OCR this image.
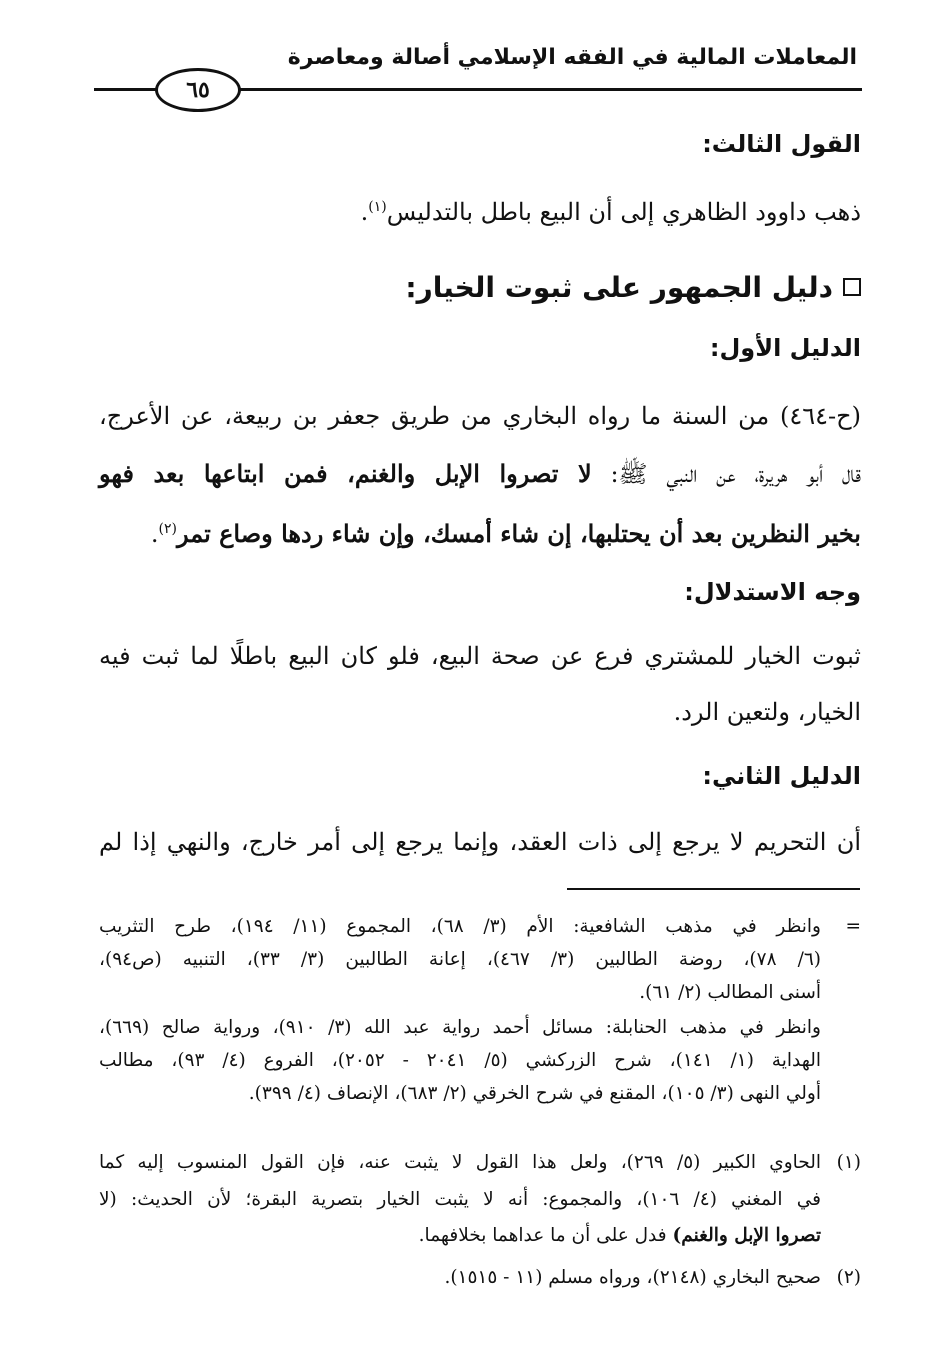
المعاملات المالية في الفقه الإسلامي أصالة ومعاصرة
٦٥
القول الثالث:
ذهب داوود الظاهري إلى أن البيع باطل بالتدليس$^{(١)}$.
دليل الجمهور على ثبوت الخيار:
الدليل الأول:
(ح-٤٦٤) من السنة ما رواه البخاري من طريق جعفر بن ربيعة، عن الأعرج،
قال أبو هريرة، عن النبي ﷺ: لا تصروا الإبل والغنم، فمن ابتاعها بعد فهو
بخير النظرين بعد أن يحتلبها، إن شاء أمسك، وإن شاء ردها وصاع تمر$^{(٢)}$.
وجه الاستدلال:
ثبوت الخيار للمشتري فرع عن صحة البيع، فلو كان البيع باطلًا لما ثبت فيه
الخيار، ولتعين الرد.
الدليل الثاني:
أن التحريم لا يرجع إلى ذات العقد، وإنما يرجع إلى أمر خارج، والنهي إذا لم
=وانظر في مذهب الشافعية: الأم (٣/ ٦٨)، المجموع (١١/ ١٩٤)، طرح التثريب
(٦/ ٧٨)، روضة الطالبين (٣/ ٤٦٧)، إعانة الطالبين (٣/ ٣٣)، التنبيه (ص٩٤)،
أسنى المطالب (٢/ ٦١).
وانظر في مذهب الحنابلة: مسائل أحمد رواية عبد الله (٣/ ٩١٠)، ورواية صالح (٦٦٩)،
الهداية (١/ ١٤١)، شرح الزركشي (٥/ ٢٠٤١ - ٢٠٥٢)، الفروع (٤/ ٩٣)، مطالب
أولي النهى (٣/ ١٠٥)، المقنع في شرح الخرقي (٢/ ٦٨٣)، الإنصاف (٤/ ٣٩٩).
(١)الحاوي الكبير (٥/ ٢٦٩)، ولعل هذا القول لا يثبت عنه، فإن القول المنسوب إليه كما
في المغني (٤/ ١٠٦)، والمجموع: أنه لا يثبت الخيار بتصرية البقرة؛ لأن الحديث: (لا
تصروا الإبل والغنم) فدل على أن ما عداهما بخلافهما.
(٢)صحيح البخاري (٢١٤٨)، ورواه مسلم (١١ - ١٥١٥).
